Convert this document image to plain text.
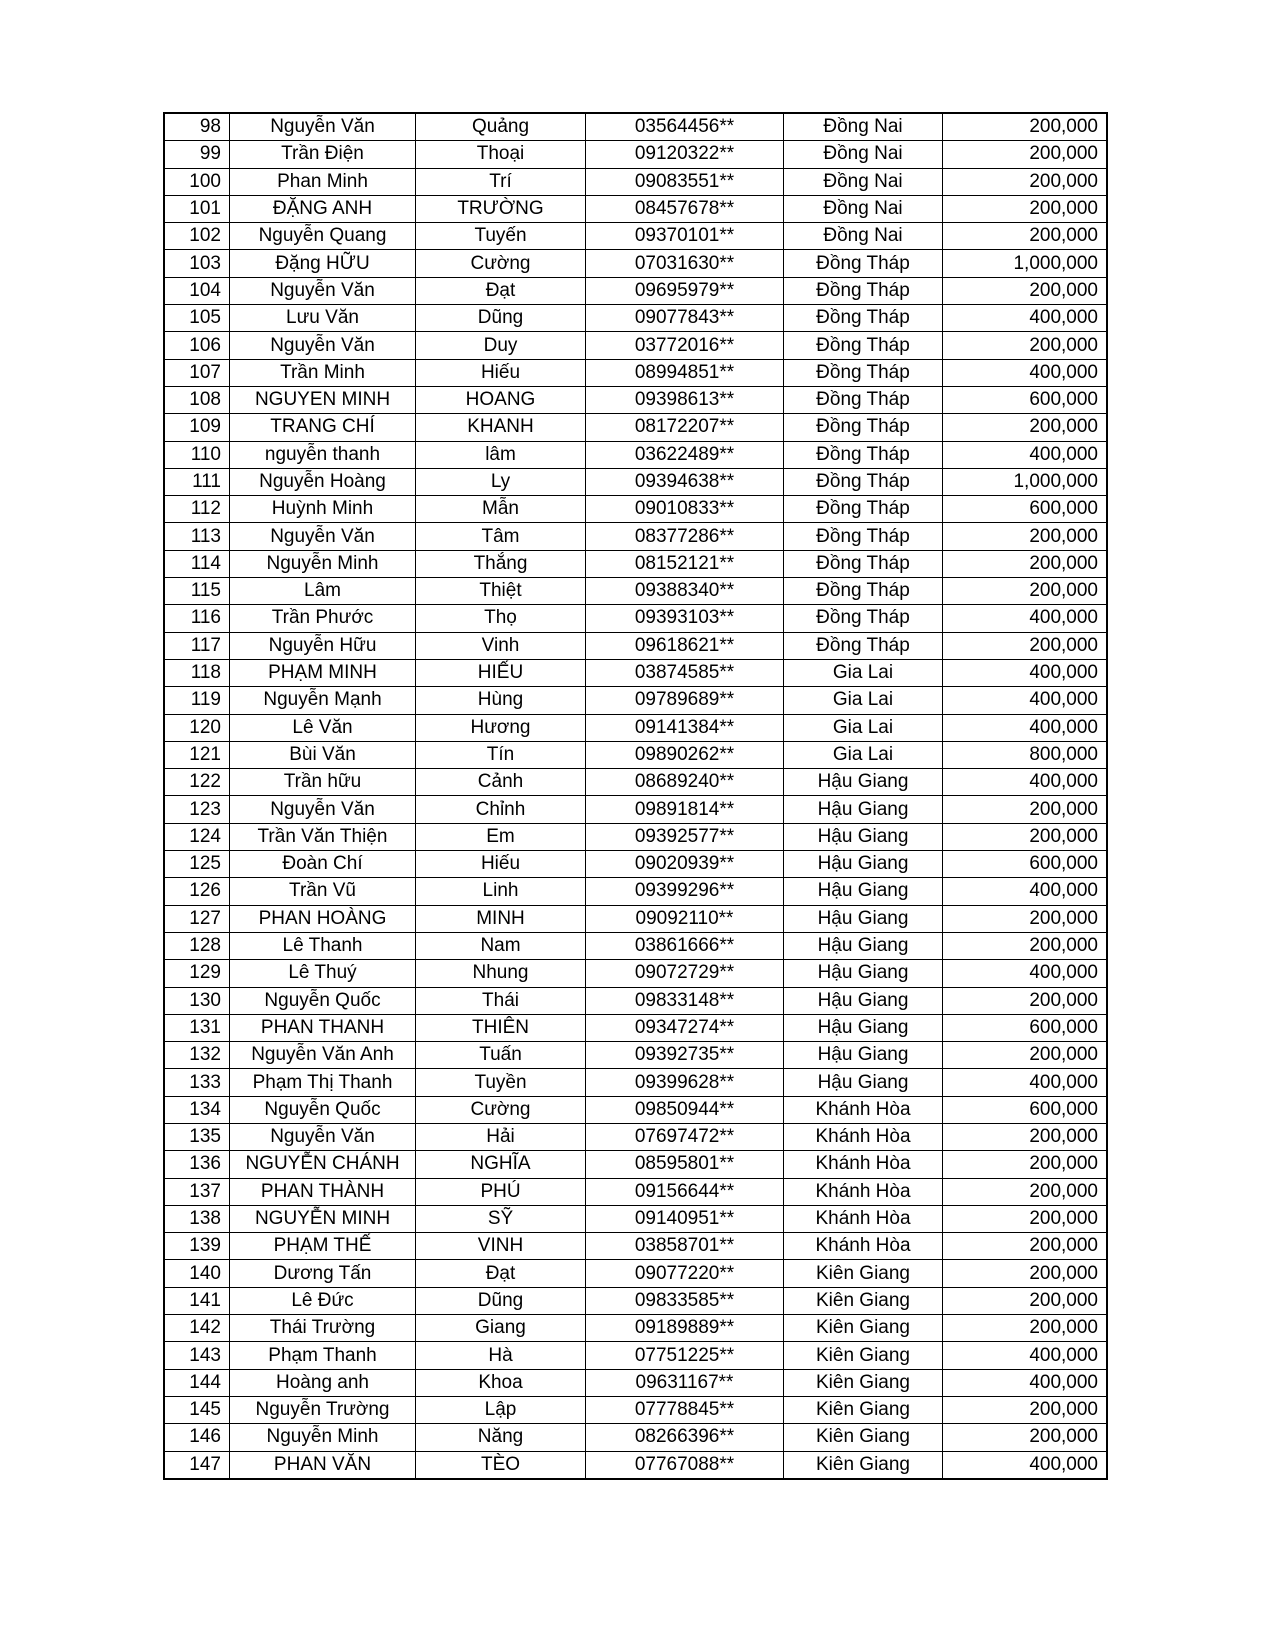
98	Nguyễn Văn	Quảng	03564456**	Đồng Nai	200,000
99	Trần Điện	Thoại	09120322**	Đồng Nai	200,000
100	Phan Minh	Trí	09083551**	Đồng Nai	200,000
101	ĐẶNG ANH	TRƯỜNG	08457678**	Đồng Nai	200,000
102	Nguyễn Quang	Tuyến	09370101**	Đồng Nai	200,000
103	Đặng HỮU	Cường	07031630**	Đồng Tháp	1,000,000
104	Nguyễn Văn	Đạt	09695979**	Đồng Tháp	200,000
105	Lưu Văn	Dũng	09077843**	Đồng Tháp	400,000
106	Nguyễn Văn	Duy	03772016**	Đồng Tháp	200,000
107	Trần Minh	Hiếu	08994851**	Đồng Tháp	400,000
108	NGUYEN MINH	HOANG	09398613**	Đồng Tháp	600,000
109	TRANG CHÍ	KHANH	08172207**	Đồng Tháp	200,000
110	nguyễn thanh	lâm	03622489**	Đồng Tháp	400,000
111	Nguyễn Hoàng	Ly	09394638**	Đồng Tháp	1,000,000
112	Huỳnh Minh	Mẫn	09010833**	Đồng Tháp	600,000
113	Nguyễn Văn	Tâm	08377286**	Đồng Tháp	200,000
114	Nguyễn Minh	Thắng	08152121**	Đồng Tháp	200,000
115	Lâm	Thiệt	09388340**	Đồng Tháp	200,000
116	Trần Phước	Thọ	09393103**	Đồng Tháp	400,000
117	Nguyễn Hữu	Vinh	09618621**	Đồng Tháp	200,000
118	PHẠM MINH	HIẾU	03874585**	Gia Lai	400,000
119	Nguyễn Mạnh	Hùng	09789689**	Gia Lai	400,000
120	Lê Văn	Hương	09141384**	Gia Lai	400,000
121	Bùi Văn	Tín	09890262**	Gia Lai	800,000
122	Trần hữu	Cảnh	08689240**	Hậu Giang	400,000
123	Nguyễn Văn	Chỉnh	09891814**	Hậu Giang	200,000
124	Trần Văn Thiện	Em	09392577**	Hậu Giang	200,000
125	Đoàn Chí	Hiếu	09020939**	Hậu Giang	600,000
126	Trần Vũ	Linh	09399296**	Hậu Giang	400,000
127	PHAN HOÀNG	MINH	09092110**	Hậu Giang	200,000
128	Lê Thanh	Nam	03861666**	Hậu Giang	200,000
129	Lê Thuý	Nhung	09072729**	Hậu Giang	400,000
130	Nguyễn Quốc	Thái	09833148**	Hậu Giang	200,000
131	PHAN THANH	THIÊN	09347274**	Hậu Giang	600,000
132	Nguyễn Văn Anh	Tuấn	09392735**	Hậu Giang	200,000
133	Phạm Thị Thanh	Tuyền	09399628**	Hậu Giang	400,000
134	Nguyễn Quốc	Cường	09850944**	Khánh Hòa	600,000
135	Nguyễn Văn	Hải	07697472**	Khánh Hòa	200,000
136	NGUYỄN CHÁNH	NGHĨA	08595801**	Khánh Hòa	200,000
137	PHAN THÀNH	PHÚ	09156644**	Khánh Hòa	200,000
138	NGUYỄN MINH	SỸ	09140951**	Khánh Hòa	200,000
139	PHẠM THẾ	VINH	03858701**	Khánh Hòa	200,000
140	Dương Tấn	Đạt	09077220**	Kiên Giang	200,000
141	Lê Đức	Dũng	09833585**	Kiên Giang	200,000
142	Thái Trường	Giang	09189889**	Kiên Giang	200,000
143	Phạm Thanh	Hà	07751225**	Kiên Giang	400,000
144	Hoàng anh	Khoa	09631167**	Kiên Giang	400,000
145	Nguyễn Trường	Lập	07778845**	Kiên Giang	200,000
146	Nguyễn Minh	Năng	08266396**	Kiên Giang	200,000
147	PHAN VĂN	TÈO	07767088**	Kiên Giang	400,000
